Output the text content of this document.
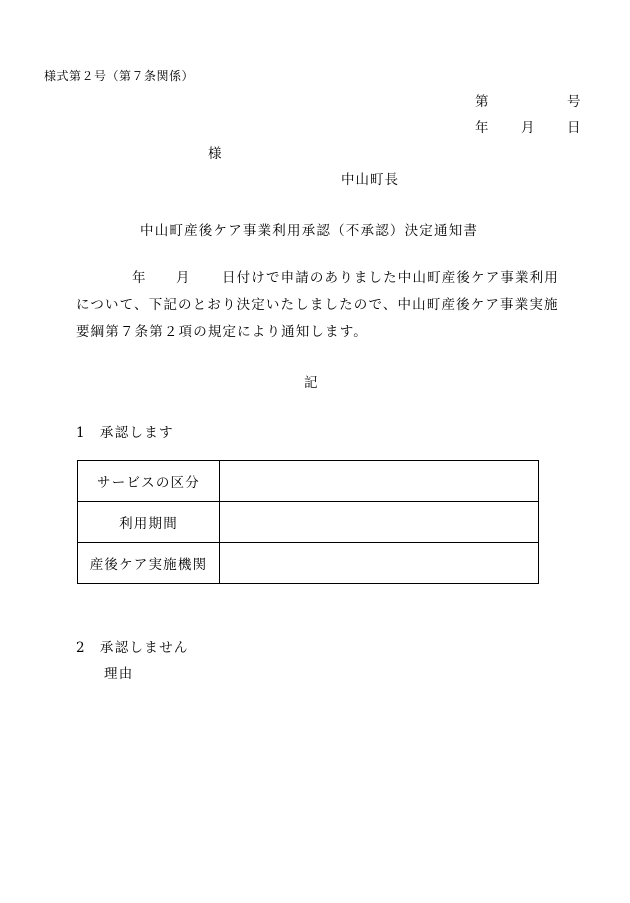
様式第２号（第７条関係）
第	号
年 月 日
様
中山町長
中山町産後ケア事業利用承認（不承認）決定通知書
年 月 日付けで申請のありました中山町産後ケア事業利用
について、下記のとおり決定いたしましたので、中山町産後ケア事業実施
要綱第７条第２項の規定により通知します。
記
1 承認します
サービスの区分	
利用期間	
産後ケア実施機関	
2 承認しません
理由
